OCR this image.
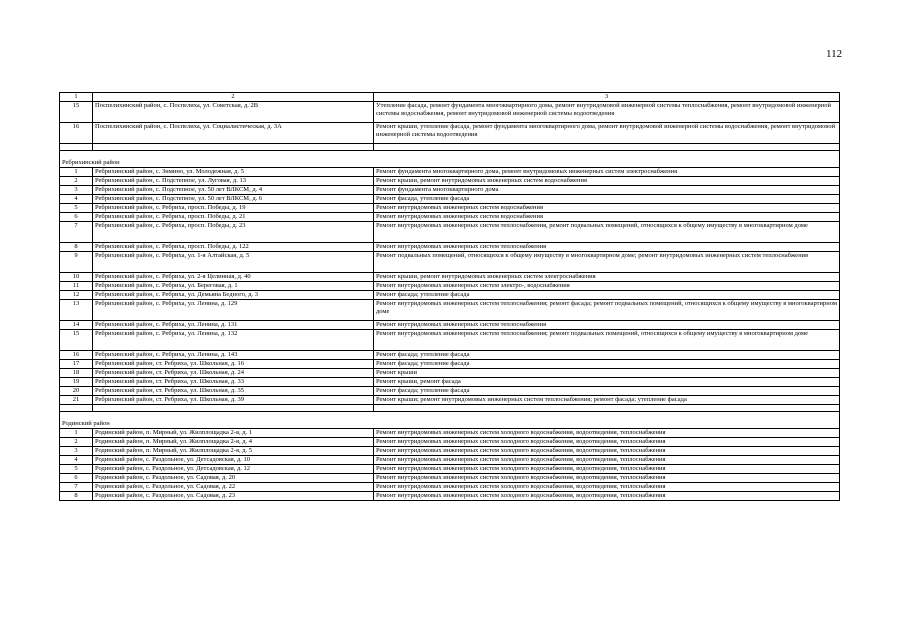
112
1	2	3
15	Поспелихинский район, с. Поспелиха, ул. Советская, д. 2В	Утепление фасада, ремонт фундамента многоквартирного дома, ремонт внутридомовой инженерной системы теплоснабжения, ремонт внутридомовой инженерной системы водоснабжения, ремонт внутридомовой инженерной системы водоотведения
16	Поспелихинский район, с. Поспелиха, ул. Социалистическая, д. 3А	Ремонт крыши, утепление фасада, ремонт фундамента многоквартирного дома, ремонт внутридомовой инженерной системы водоснабжения, ремонт внутридомовой инженерной системы водоотведения

Ребрихинский район		
1	Ребрихинский район, с. Зимино, ул. Молодежная, д. 5	Ремонт фундамента многоквартирного дома, ремонт внутридомовых инженерных систем электроснабжения
2	Ребрихинский район, с. Подстепное, ул. Луговая, д. 13	Ремонт крыши, ремонт внутридомовых инженерных систем водоснабжения
3	Ребрихинский район, с. Подстепное, ул. 50 лет ВЛКСМ, д. 4	Ремонт фундамента многоквартирного дома
4	Ребрихинский район, с. Подстепное, ул. 50 лет ВЛКСМ, д. 6	Ремонт фасада, утепление фасада
5	Ребрихинский район, с. Ребриха, просп. Победы, д. 19	Ремонт внутридомовых инженерных систем водоснабжения
6	Ребрихинский район, с. Ребриха, просп. Победы, д. 21	Ремонт внутридомовых инженерных систем водоснабжения
7	Ребрихинский район, с. Ребриха, просп. Победы, д. 23	Ремонт внутридомовых инженерных систем теплоснабжения, ремонт подвальных помещений, относящихся к общему имуществу в многоквартирном доме
8	Ребрихинский район, с. Ребриха, просп. Победы, д. 122	Ремонт внутридомовых инженерных систем теплоснабжения
9	Ребрихинский район, с. Ребриха, ул. 1-я Алтайская, д. 5	Ремонт подвальных помещений, относящихся к общему имуществу в многоквартирном доме; ремонт внутридомовых инженерных систем теплоснабжения
10	Ребрихинский район, с. Ребриха, ул. 2-я Целинная, д. 40	Ремонт крыши, ремонт внутридомовых инженерных систем электроснабжения
11	Ребрихинский район, с. Ребриха, ул. Береговая, д. 1	Ремонт внутридомовых инженерных систем электро-, водоснабжения
12	Ребрихинский район, с. Ребриха, ул. Демьяна Бедного, д. 3	Ремонт фасада; утепление фасада
13	Ребрихинский район, с. Ребриха, ул. Ленина, д. 129	Ремонт внутридомовых инженерных систем теплоснабжения; ремонт фасада; ремонт подвальных помещений, относящихся к общему имуществу в многоквартирном доме
14	Ребрихинский район, с. Ребриха, ул. Ленина, д. 131	Ремонт внутридомовых инженерных систем теплоснабжения
15	Ребрихинский район, с. Ребриха, ул. Ленина, д. 132	Ремонт внутридомовых инженерных систем теплоснабжения; ремонт подвальных помещений, относящихся к общему имуществу в многоквартирном доме
16	Ребрихинский район, с. Ребриха, ул. Ленина, д. 143	Ремонт фасада; утепление фасада
17	Ребрихинский район, ст. Ребриха, ул. Школьная, д. 16	Ремонт фасада; утепление фасада
18	Ребрихинский район, ст. Ребриха, ул. Школьная, д. 24	Ремонт крыши
19	Ребрихинский район, ст. Ребриха, ул. Школьная, д. 33	Ремонт крыши, ремонт фасада
20	Ребрихинский район, ст. Ребриха, ул. Школьная, д. 35	Ремонт фасада; утепление фасада
21	Ребрихинский район, ст. Ребриха, ул. Школьная, д. 39	Ремонт крыши; ремонт внутридомовых инженерных систем теплоснабжения; ремонт фасада; утепление фасада

Родинский район		
1	Родинский район, п. Мирный, ул. Жилплощадка 2-я, д. 1	Ремонт внутридомовых инженерных систем холодного водоснабжения, водоотведения, теплоснабжения
2	Родинский район, п. Мирный, ул. Жилплощадка 2-я, д. 4	Ремонт внутридомовых инженерных систем холодного водоснабжения, водоотведения, теплоснабжения
3	Родинский район, п. Мирный, ул. Жилплощадка 2-я, д. 5	Ремонт внутридомовых инженерных систем холодного водоснабжения, водоотведения, теплоснабжения
4	Родинский район, с. Раздольное, ул. Детсадовская, д. 10	Ремонт внутридомовых инженерных систем холодного водоснабжения, водоотведения, теплоснабжения
5	Родинский район, с. Раздольное, ул. Детсадовская, д. 12	Ремонт внутридомовых инженерных систем холодного водоснабжения, водоотведения, теплоснабжения
6	Родинский район, с. Раздольное, ул. Садовая, д. 20	Ремонт внутридомовых инженерных систем холодного водоснабжения, водоотведения, теплоснабжения
7	Родинский район, с. Раздольное, ул. Садовая, д. 22	Ремонт внутридомовых инженерных систем холодного водоснабжения, водоотведения, теплоснабжения
8	Родинский район, с. Раздольное, ул. Садовая, д. 23	Ремонт внутридомовых инженерных систем холодного водоснабжения, водоотведения, теплоснабжения
